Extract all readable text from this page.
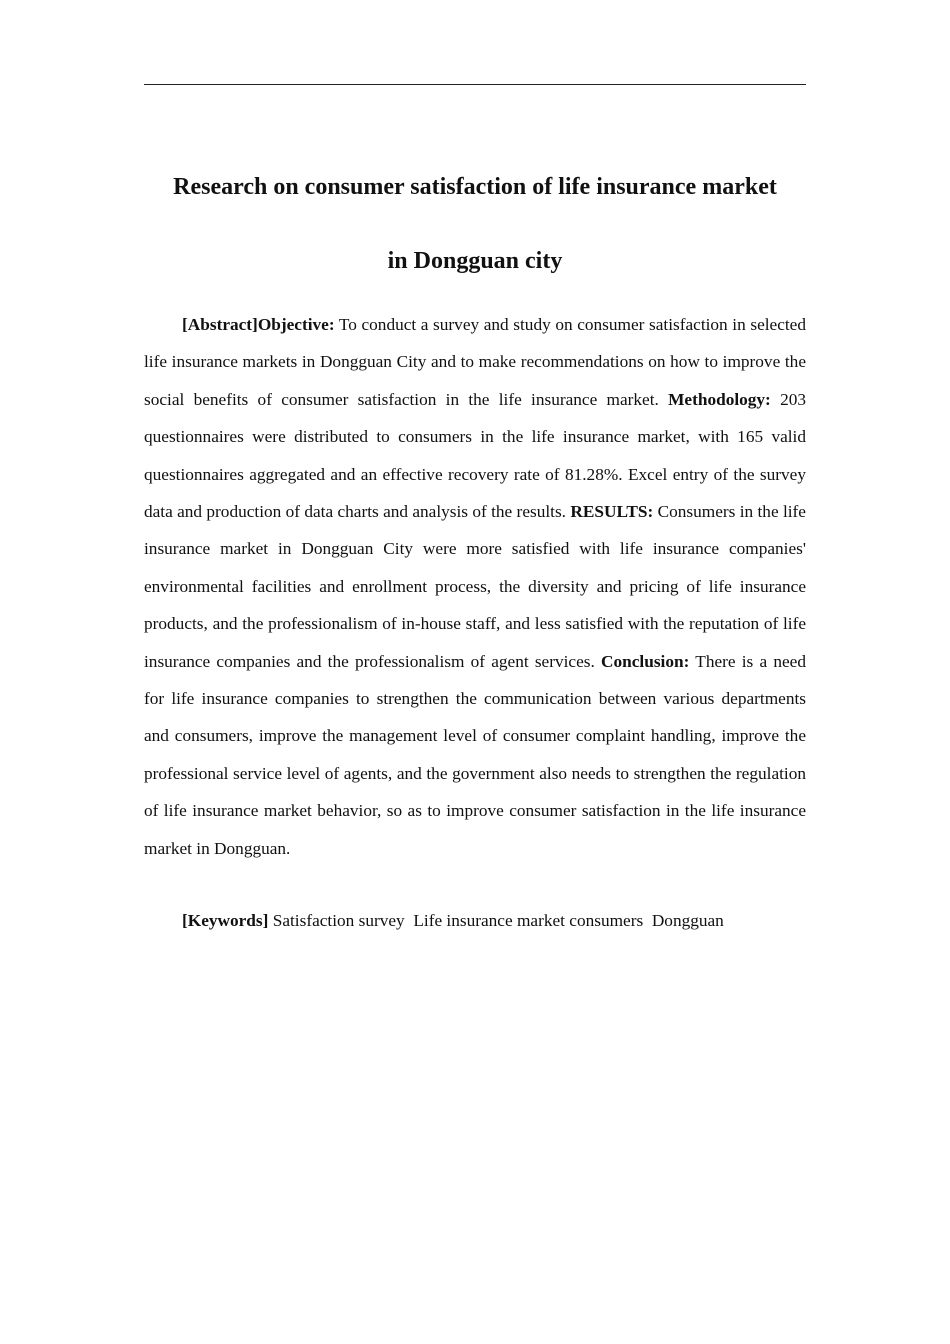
Research on consumer satisfaction of life insurance market
in Dongguan city

[Abstract]Objective: To conduct a survey and study on consumer satisfaction in selected life insurance markets in Dongguan City and to make recommendations on how to improve the social benefits of consumer satisfaction in the life insurance market. Methodology: 203 questionnaires were distributed to consumers in the life insurance market, with 165 valid questionnaires aggregated and an effective recovery rate of 81.28%. Excel entry of the survey data and production of data charts and analysis of the results. RESULTS: Consumers in the life insurance market in Dongguan City were more satisfied with life insurance companies' environmental facilities and enrollment process, the diversity and pricing of life insurance products, and the professionalism of in-house staff, and less satisfied with the reputation of life insurance companies and the professionalism of agent services. Conclusion: There is a need for life insurance companies to strengthen the communication between various departments and consumers, improve the management level of consumer complaint handling, improve the professional service level of agents, and the government also needs to strengthen the regulation of life insurance market behavior, so as to improve consumer satisfaction in the life insurance market in Dongguan.

[Keywords] Satisfaction survey  Life insurance market consumers  Dongguan
